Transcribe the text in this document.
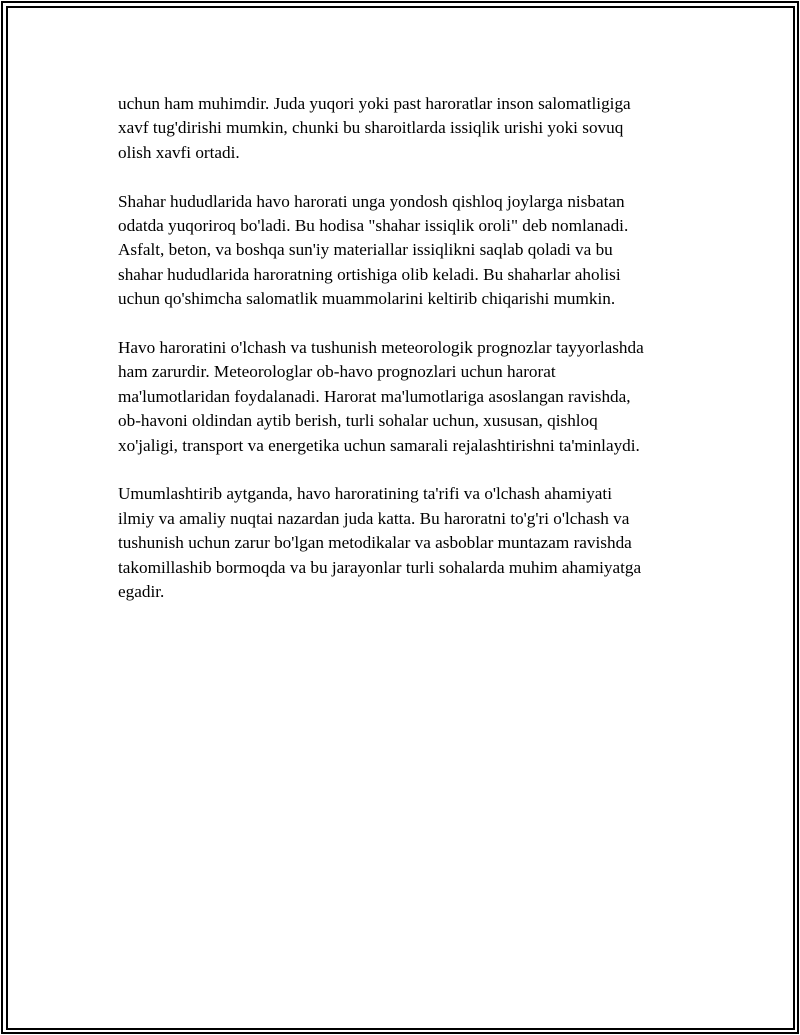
uchun ham muhimdir. Juda yuqori yoki past haroratlar inson salomatligiga
xavf tug'dirishi mumkin, chunki bu sharoitlarda issiqlik urishi yoki sovuq
olish xavfi ortadi.

Shahar hududlarida havo harorati unga yondosh qishloq joylarga nisbatan
odatda yuqoriroq bo'ladi. Bu hodisa "shahar issiqlik oroli" deb nomlanadi.
Asfalt, beton, va boshqa sun'iy materiallar issiqlikni saqlab qoladi va bu
shahar hududlarida haroratning ortishiga olib keladi. Bu shaharlar aholisi
uchun qo'shimcha salomatlik muammolarini keltirib chiqarishi mumkin.

Havo haroratini o'lchash va tushunish meteorologik prognozlar tayyorlashda
ham zarurdir. Meteorologlar ob-havo prognozlari uchun harorat
ma'lumotlaridan foydalanadi. Harorat ma'lumotlariga asoslangan ravishda,
ob-havoni oldindan aytib berish, turli sohalar uchun, xususan, qishloq
xo'jaligi, transport va energetika uchun samarali rejalashtirishni ta'minlaydi.

Umumlashtirib aytganda, havo haroratining ta'rifi va o'lchash ahamiyati
ilmiy va amaliy nuqtai nazardan juda katta. Bu haroratni to'g'ri o'lchash va
tushunish uchun zarur bo'lgan metodikalar va asboblar muntazam ravishda
takomillashib bormoqda va bu jarayonlar turli sohalarda muhim ahamiyatga
egadir.
